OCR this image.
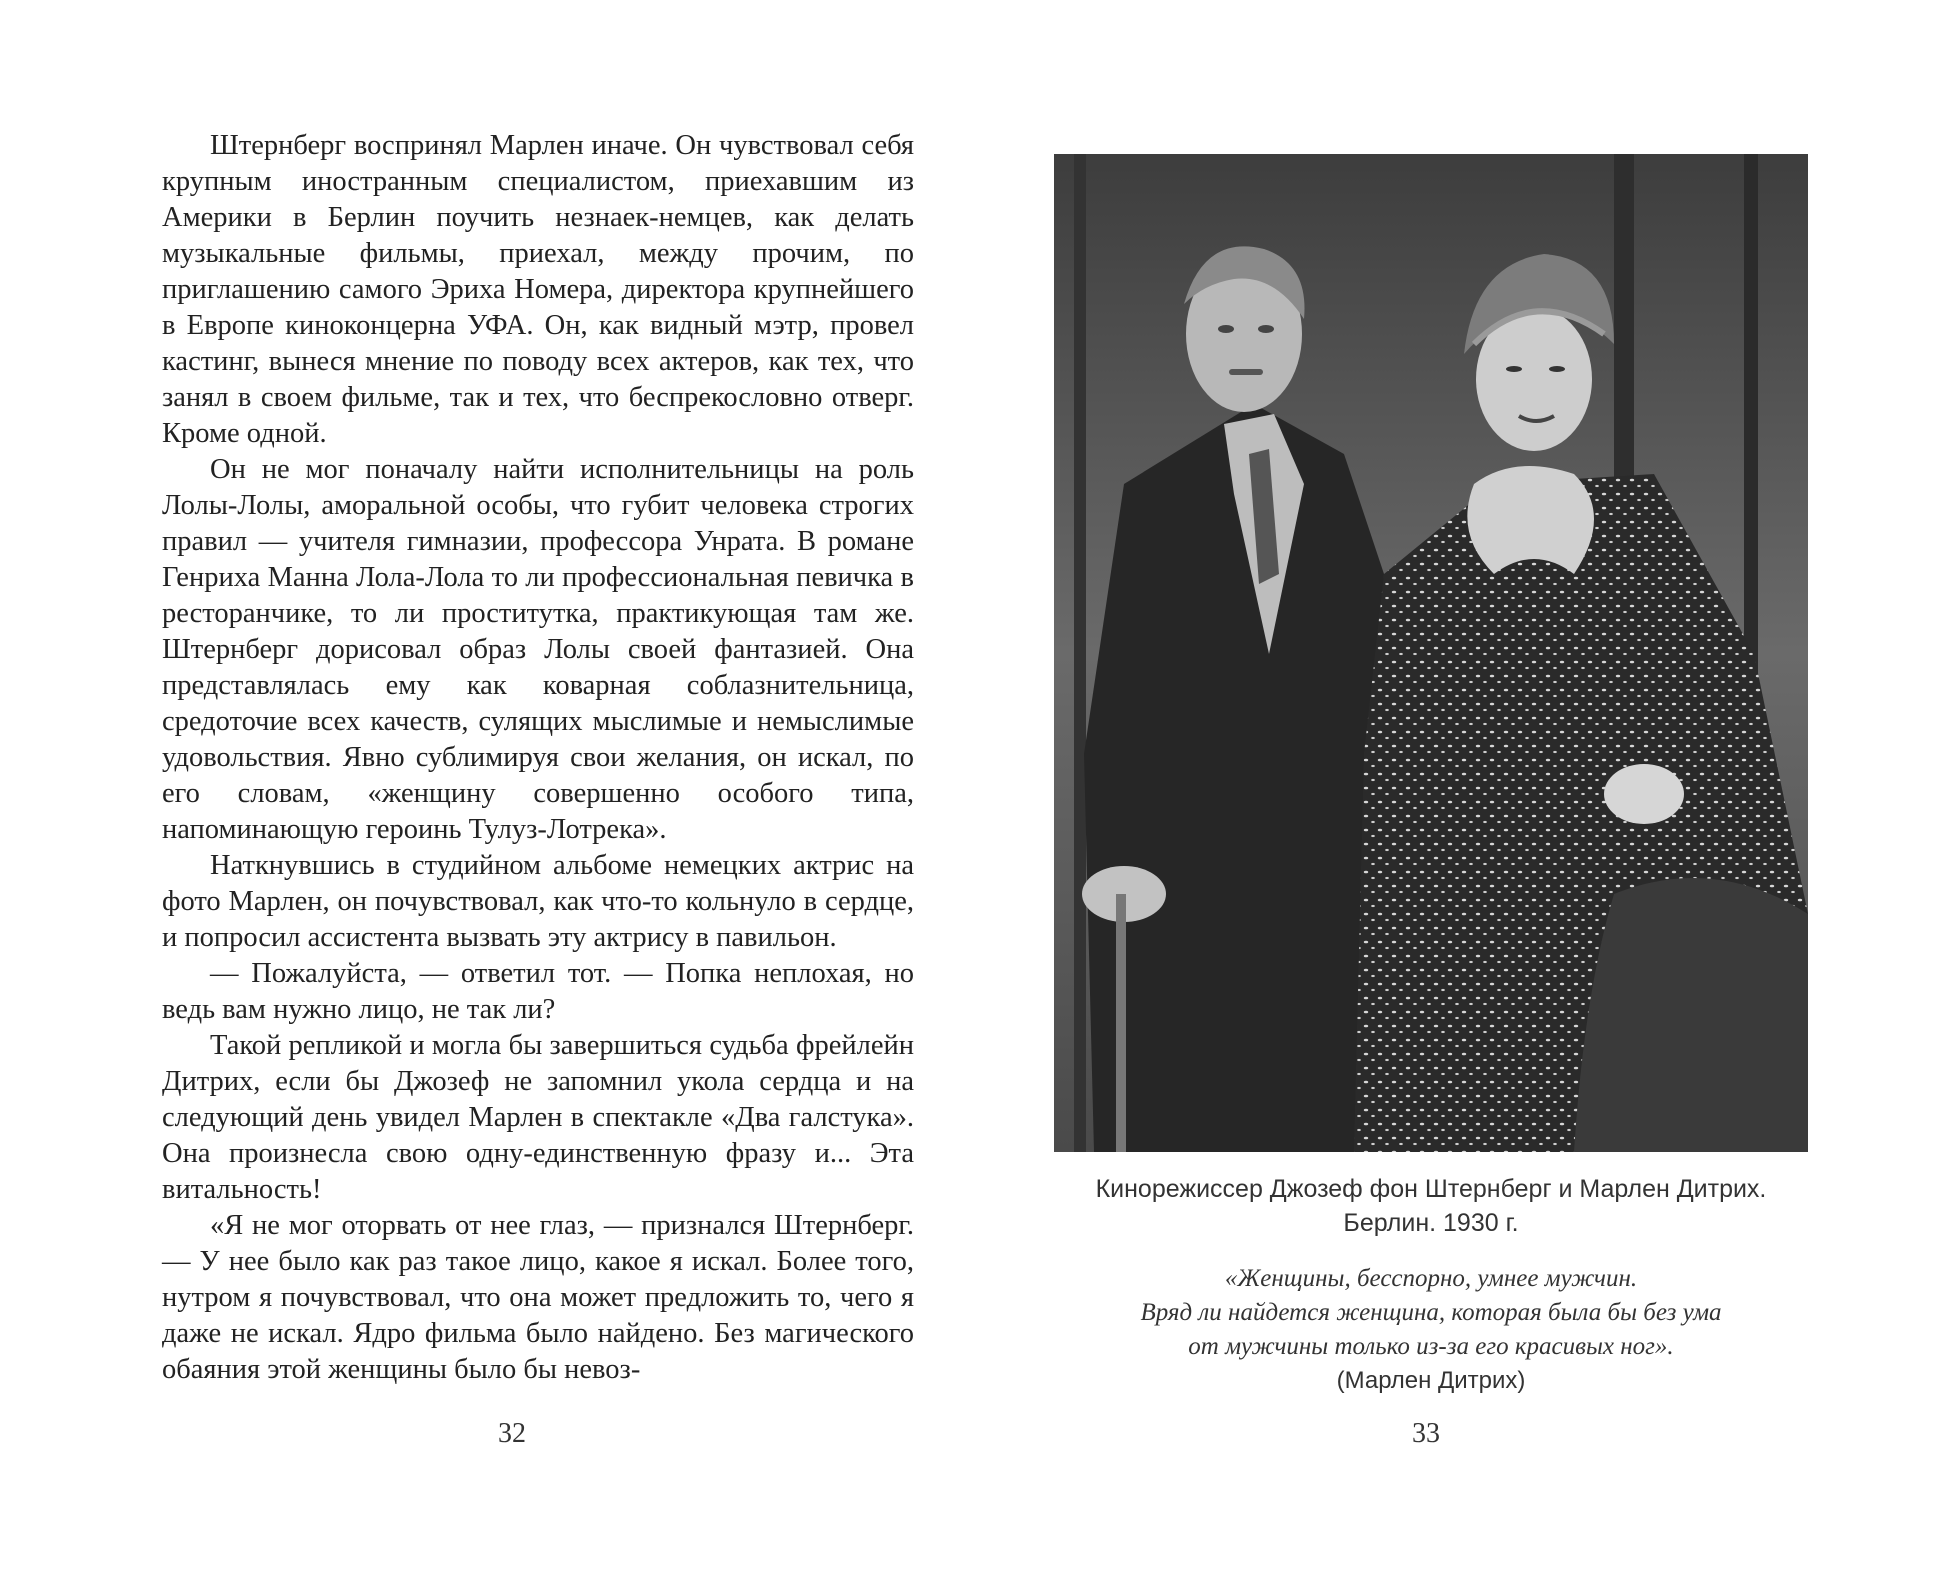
Штернберг воспринял Марлен иначе. Он чувствовал себя крупным иностранным специалистом, приехавшим из Америки в Берлин поучить незнаек-немцев, как делать музыкальные фильмы, приехал, между прочим, по приглашению самого Эриха Номера, директора крупнейшего в Европе киноконцерна УФА. Он, как видный мэтр, провел кастинг, вынеся мнение по поводу всех актеров, как тех, что занял в своем фильме, так и тех, что беспрекословно отверг. Кроме одной.

Он не мог поначалу найти исполнительницы на роль Лолы-Лолы, аморальной особы, что губит человека строгих правил — учителя гимназии, профессора Унрата. В романе Генриха Манна Лола-Лола то ли профессиональная певичка в ресторанчике, то ли проститутка, практикующая там же. Штернберг дорисовал образ Лолы своей фантазией. Она представлялась ему как коварная соблазнительница, средоточие всех качеств, сулящих мыслимые и немыслимые удовольствия. Явно сублимируя свои желания, он искал, по его словам, «женщину совершенно особого типа, напоминающую героинь Тулуз-Лотрека».

Наткнувшись в студийном альбоме немецких актрис на фото Марлен, он почувствовал, как что-то кольнуло в сердце, и попросил ассистента вызвать эту актрису в павильон.

— Пожалуйста, — ответил тот. — Попка неплохая, но ведь вам нужно лицо, не так ли?

Такой репликой и могла бы завершиться судьба фрейлейн Дитрих, если бы Джозеф не запомнил укола сердца и на следующий день увидел Марлен в спектакле «Два галстука». Она произнесла свою одну-единственную фразу и... Эта витальность!

«Я не мог оторвать от нее глаз, — признался Штернберг. — У нее было как раз такое лицо, какое я искал. Более того, нутром я почувствовал, что она может предложить то, чего я даже не искал. Ядро фильма было найдено. Без магического обаяния этой женщины было бы невоз-

32
Кинорежиссер Джозеф фон Штернберг и Марлен Дитрих.
Берлин. 1930 г.
«Женщины, бесспорно, умнее мужчин.
Вряд ли найдется женщина, которая была бы без ума
от мужчины только из-за его красивых ног».
(Марлен Дитрих)
33
